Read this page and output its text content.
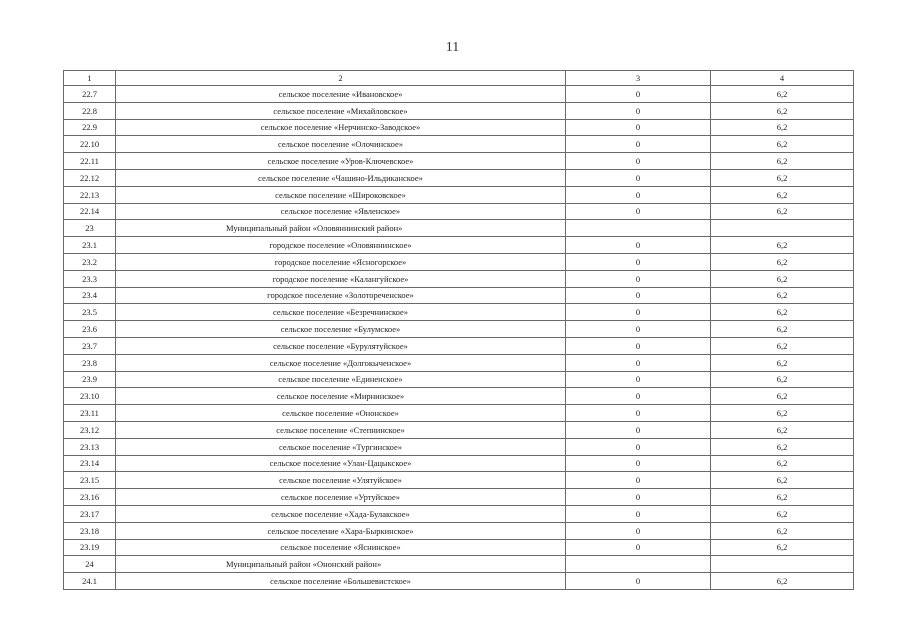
11
1	2	3	4
22.7	сельское поселение «Ивановское»	0	6,2
22.8	сельское поселение «Михайловское»	0	6,2
22.9	сельское поселение «Нерчинско-Заводское»	0	6,2
22.10	сельское поселение «Олочинское»	0	6,2
22.11	сельское поселение «Уров-Ключевское»	0	6,2
22.12	сельское поселение «Чашино-Ильдиканское»	0	6,2
22.13	сельское поселение «Широковское»	0	6,2
22.14	сельское поселение «Явленское»	0	6,2
23	Муниципальный район «Оловяннинский район»		
23.1	городское поселение «Оловяннинское»	0	6,2
23.2	городское поселение «Ясногорское»	0	6,2
23.3	городское поселение «Калангуйское»	0	6,2
23.4	городское поселение «Золотореченское»	0	6,2
23.5	сельское поселение «Безречнинское»	0	6,2
23.6	сельское поселение «Булумское»	0	6,2
23.7	сельское поселение «Бурулятуйское»	0	6,2
23.8	сельское поселение «Долгокыченское»	0	6,2
23.9	сельское поселение «Единенское»	0	6,2
23.10	сельское поселение «Мирнинское»	0	6,2
23.11	сельское поселение «Ононское»	0	6,2
23.12	сельское поселение «Степнинское»	0	6,2
23.13	сельское поселение «Тургинское»	0	6,2
23.14	сельское поселение «Улан-Цацыкское»	0	6,2
23.15	сельское поселение «Улятуйское»	0	6,2
23.16	сельское поселение «Уртуйское»	0	6,2
23.17	сельское поселение «Хада-Булакское»	0	6,2
23.18	сельское поселение «Хара-Быркинское»	0	6,2
23.19	сельское поселение «Яснинское»	0	6,2
24	Муниципальный район «Ононский район»		
24.1	сельское поселение «Большевистское»	0	6,2
